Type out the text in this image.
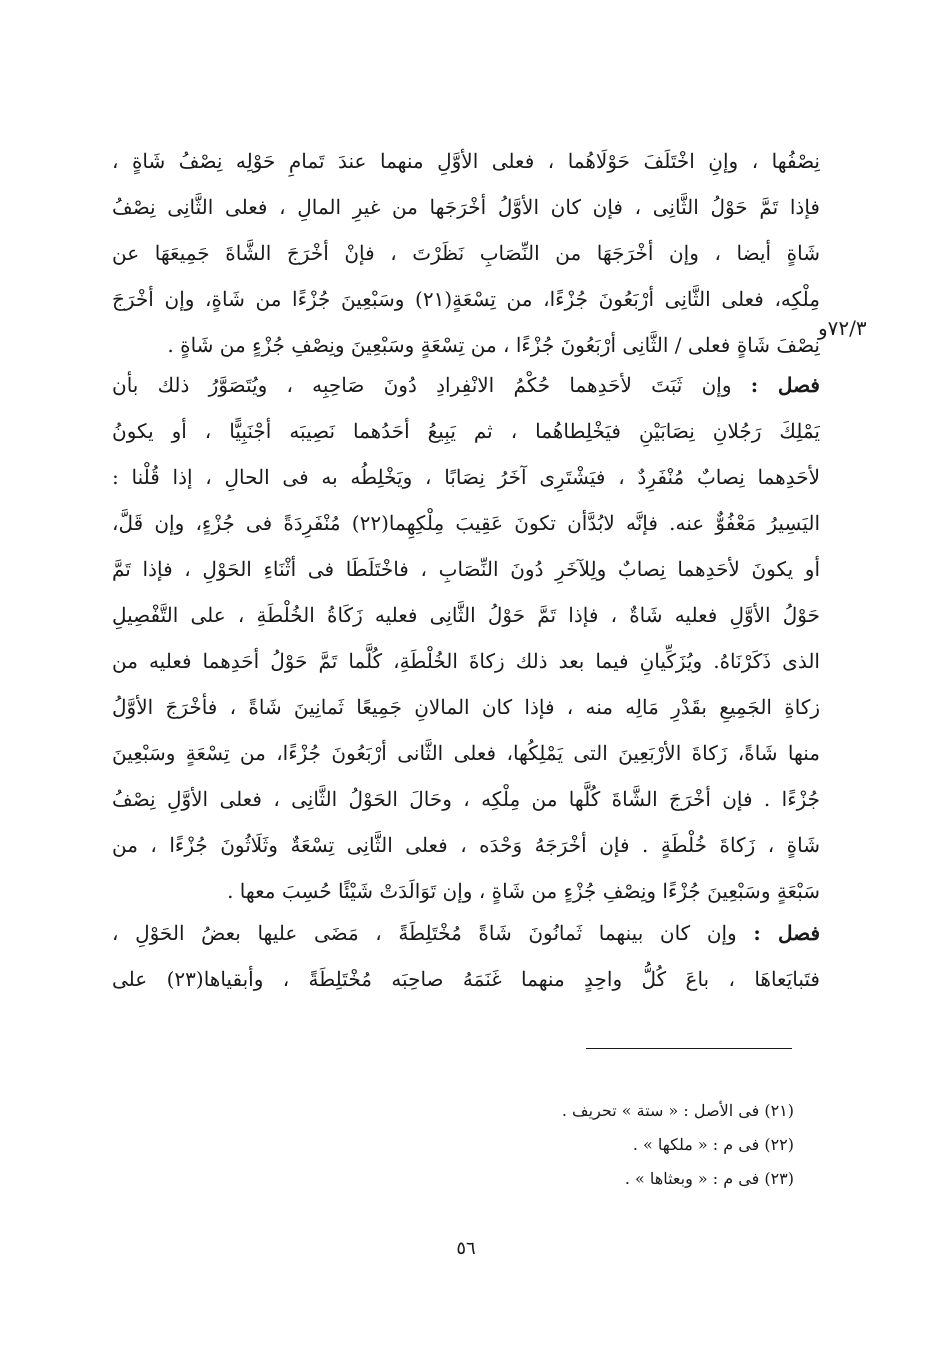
٧٢/٣و
نِصْفُها ، وإنِ اخْتَلَفَ حَوْلَاهُما ، فعلى الأوَّلِ منهما عندَ تَمامِ حَوْلِه نِصْفُ شَاةٍ ،
فإذا تَمَّ حَوْلُ الثَّانِى ، فإن كان الأوَّلُ أخْرَجَها من غيرِ المالِ ، فعلى الثَّانِى نِصْفُ
شَاةٍ أيضا ، وإن أخْرَجَهَا من النِّصَابِ نَظَرْتَ ، فإنْ أخْرَجَ الشَّاةَ جَمِيعَهَا عن
مِلْكِه، فعلى الثَّانِى أرْبَعُونَ جُزْءًا، من تِسْعَةٍ(٢١) وسَبْعِينَ جُزْءًا من شَاةٍ، وإن أخْرَجَ
نِصْفَ شَاةٍ فعلى / الثَّانِى أرْبَعُونَ جُزْءًا ، من تِسْعَةٍ وسَبْعِينَ ونِصْفِ جُزْءٍ من شَاةٍ .
فصل : وإن ثَبَتَ لأحَدِهما حُكْمُ الانْفِرادِ دُونَ صَاحِبِه ، ويُتَصَوَّرُ ذلك بأن
يَمْلِكَ رَجُلانِ نِصَابَيْنِ فيَخْلِطاهُما ، ثم يَبِيعُ أحَدُهما نَصِيبَه أجْنَبِيًّا ، أو يكونُ
لأحَدِهما نِصابٌ مُنْفَرِدٌ ، فيَشْتَرِى آخَرُ نِصَابًا ، ويَخْلِطُه به فى الحالِ ، إذا قُلْنا :
اليَسِيرُ مَعْفُوٌّ عنه. فإنَّه لابُدَّأن تكونَ عَقِيبَ مِلْكِهِما(٢٢) مُنْفَرِدَةً فى جُزْءٍ، وإن قَلَّ،
أو يكونَ لأحَدِهما نِصابٌ ولِلآخَرِ دُونَ النِّصَابِ ، فاخْتَلَطَا فى أثْنَاءِ الحَوْلِ ، فإذا تَمَّ
حَوْلُ الأوَّلِ فعليه شَاةٌ ، فإذا تَمَّ حَوْلُ الثَّانِى فعليه زَكَاةُ الخُلْطَةِ ، على التَّفْصِيلِ
الذى ذَكَرْنَاهُ. ويُزَكِّيانِ فيما بعد ذلك زكاةَ الخُلْطَةِ، كُلَّما تَمَّ حَوْلُ أحَدِهما فعليه من
زكاةِ الجَمِيعِ بقَدْرِ مَالِه منه ، فإذا كان المالانِ جَمِيعًا ثَمانِينَ شَاةً ، فأخْرَجَ الأوَّلُ
منها شَاةً، زَكاةَ الأرْبَعِينَ التى يَمْلِكُها، فعلى الثَّانى أرْبَعُونَ جُزْءًا، من تِسْعَةٍ وسَبْعِينَ
جُزْءًا . فإن أخْرَجَ الشَّاةَ كُلَّها من مِلْكِه ، وحَالَ الحَوْلُ الثَّانِى ، فعلى الأوَّلِ نِصْفُ
شَاةٍ ، زَكاةَ خُلْطَةٍ . فإن أخْرَجَهُ وَحْدَه ، فعلى الثَّانِى تِسْعَةٌ وثَلَاثُونَ جُزْءًا ، من
سَبْعَةٍ وسَبْعِينَ جُزْءًا ونِصْفِ جُزْءٍ من شَاةٍ ، وإن تَوَالَدَتْ شَيْئًا حُسِبَ معها .
فصل : وإن كان بينهما ثَمانُونَ شَاةً مُخْتَلِطَةً ، مَضَى عليها بعضُ الحَوْلِ ،
فتَبايَعاهَا ، باعَ كُلُّ واحِدٍ منهما غَنَمَهُ صاحِبَه مُخْتَلِطَةً ، وأبقياها(٢٣) على
(٢١) فى الأصل : « ستة » تحريف .
(٢٢) فى م : « ملكها » .
(٢٣) فى م : « وبعثاها » .
٥٦
